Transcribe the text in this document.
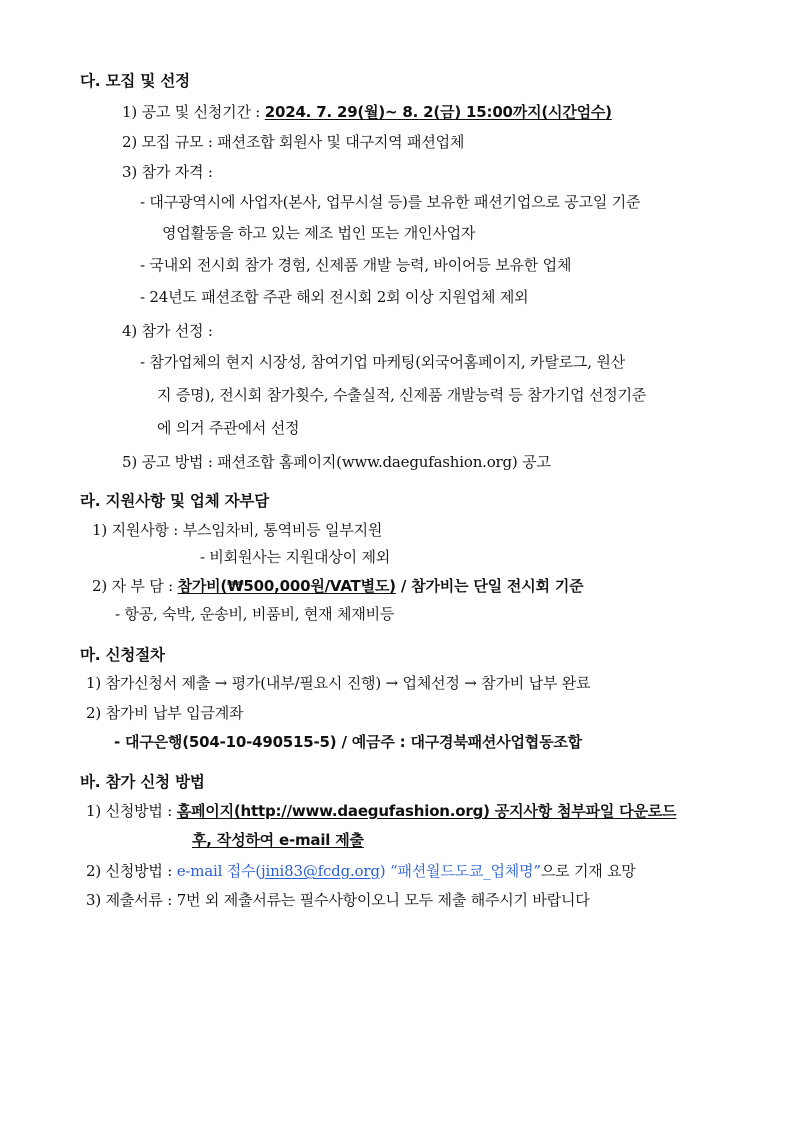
다. 모집 및 선정
1) 공고 및 신청기간 : 2024. 7. 29(월)~ 8. 2(금) 15:00까지(시간엄수)
2) 모집 규모 : 패션조합 회원사 및 대구지역 패션업체
3) 참가 자격 :
- 대구광역시에 사업자(본사, 업무시설 등)를 보유한 패션기업으로 공고일 기준
영업활동을 하고 있는 제조 법인 또는 개인사업자
- 국내외 전시회 참가 경험, 신제품 개발 능력, 바이어등 보유한 업체
- 24년도 패션조합 주관 해외 전시회 2회 이상 지원업체 제외
4) 참가 선정 :
- 참가업체의 현지 시장성, 참여기업 마케팅(외국어홈페이지, 카탈로그, 원산
지 증명), 전시회 참가횟수, 수출실적, 신제품 개발능력 등 참가기업 선정기준
에 의거 주관에서 선정
5) 공고 방법 : 패션조합 홈페이지(www.daegufashion.org) 공고
라. 지원사항 및 업체 자부담
1) 지원사항 : 부스임차비, 통역비등 일부지원
- 비회원사는 지원대상이 제외
2) 자 부 담 : 참가비(₩500,000원/VAT별도) / 참가비는 단일 전시회 기준
- 항공, 숙박, 운송비, 비품비, 현재 체재비등
마. 신청절차
1) 참가신청서 제출 → 평가(내부/필요시 진행) → 업체선정 → 참가비 납부 완료
2) 참가비 납부 입금계좌
- 대구은행(504-10-490515-5) / 예금주 : 대구경북패션사업협동조합
바. 참가 신청 방법
1) 신청방법 : 홈페이지(http://www.daegufashion.org) 공지사항 첨부파일 다운로드
후, 작성하여 e-mail 제출
2) 신청방법 : e-mail 접수(jini83@fcdg.org) “패션월드도쿄_업체명”으로 기재 요망
3) 제출서류 : 7번 외 제출서류는 필수사항이오니 모두 제출 해주시기 바랍니다
